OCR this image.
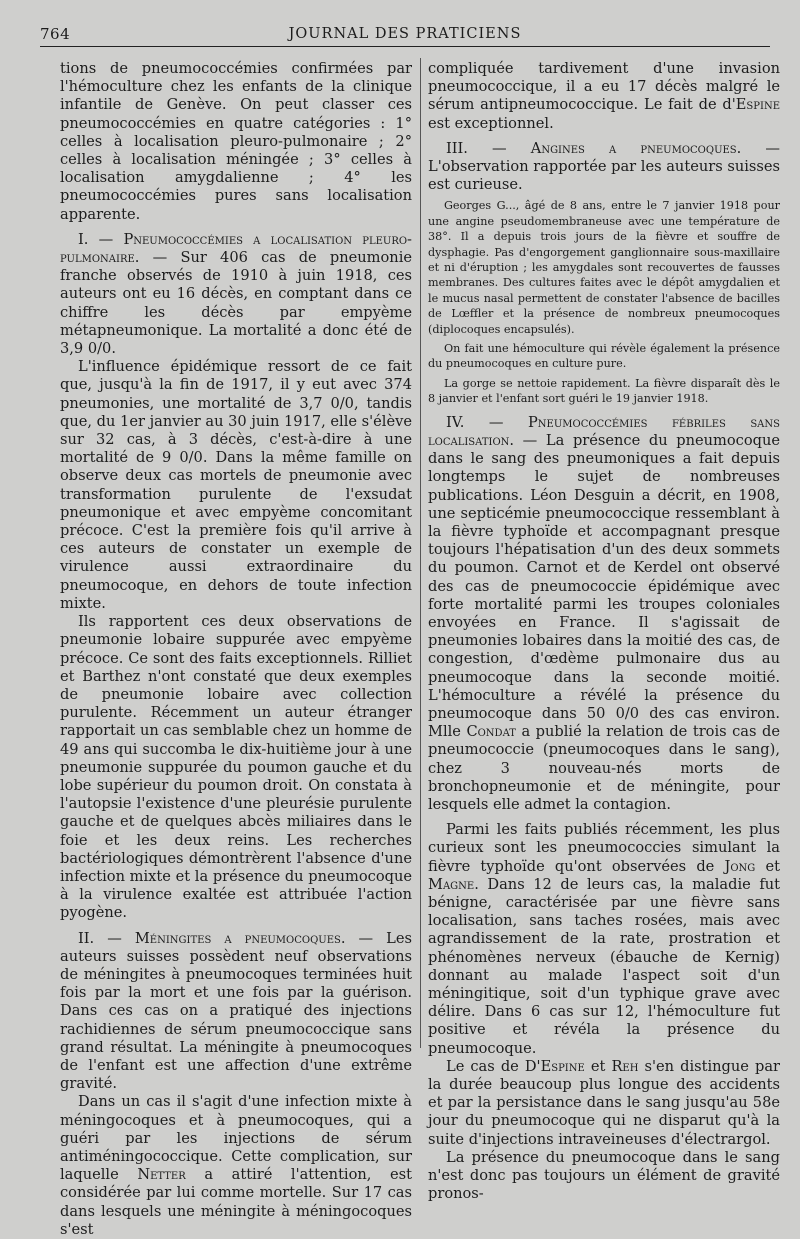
764	JOURNAL DES PRATICIENS

tions de pneumococcémies confirmées par l'hémoculture chez les enfants de la clinique infantile de Genève. On peut classer ces pneumococcémies en quatre catégories : 1° celles à localisation pleuro-pulmonaire ; 2° celles à localisation méningée ; 3° celles à localisation amygdalienne ; 4° les pneumococcémies pures sans localisation apparente.

I. — Pneumococcémies a localisation pleuro-pulmonaire. — Sur 406 cas de pneumonie franche observés de 1910 à juin 1918, ces auteurs ont eu 16 décès, en comptant dans ce chiffre les décès par empyème métapneumonique. La mortalité a donc été de 3,9 0/0.

L'influence épidémique ressort de ce fait que, jusqu'à la fin de 1917, il y eut avec 374 pneumonies, une mortalité de 3,7 0/0, tandis que, du 1er janvier au 30 juin 1917, elle s'élève sur 32 cas, à 3 décès, c'est-à-dire à une mortalité de 9 0/0. Dans la même famille on observe deux cas mortels de pneumonie avec transformation purulente de l'exsudat pneumonique et avec empyème concomitant précoce. C'est la première fois qu'il arrive à ces auteurs de constater un exemple de virulence aussi extraordinaire du pneumocoque, en dehors de toute infection mixte.

Ils rapportent ces deux observations de pneumonie lobaire suppurée avec empyème précoce. Ce sont des faits exceptionnels. Rilliet et Barthez n'ont constaté que deux exemples de pneumonie lobaire avec collection purulente. Récemment un auteur étranger rapportait un cas semblable chez un homme de 49 ans qui succomba le dix-huitième jour à une pneumonie suppurée du poumon gauche et du lobe supérieur du poumon droit. On constata à l'autopsie l'existence d'une pleurésie purulente gauche et de quelques abcès miliaires dans le foie et les deux reins. Les recherches bactériologiques démontrèrent l'absence d'une infection mixte et la présence du pneumocoque à la virulence exaltée est attribuée l'action pyogène.

II. — Méningites a pneumocoques. — Les auteurs suisses possèdent neuf observations de méningites à pneumocoques terminées huit fois par la mort et une fois par la guérison. Dans ces cas on a pratiqué des injections rachidiennes de sérum pneumococcique sans grand résultat. La méningite à pneumocoques de l'enfant est une affection d'une extrême gravité.

Dans un cas il s'agit d'une infection mixte à méningocoques et à pneumocoques, qui a guéri par les injections de sérum antiméningococcique. Cette complication, sur laquelle Netter a attiré l'attention, est considérée par lui comme mortelle. Sur 17 cas dans lesquels une méningite à méningocoques s'est

compliquée tardivement d'une invasion pneumococcique, il a eu 17 décès malgré le sérum antipneumococcique. Le fait de d'Espine est exceptionnel.

III. — Angines a pneumocoques. — L'observation rapportée par les auteurs suisses est curieuse.

Georges G..., âgé de 8 ans, entre le 7 janvier 1918 pour une angine pseudomembraneuse avec une température de 38°. Il a depuis trois jours de la fièvre et souffre de dysphagie. Pas d'engorgement ganglionnaire sous-maxillaire et ni d'éruption ; les amygdales sont recouvertes de fausses membranes. Des cultures faites avec le dépôt amygdalien et le mucus nasal permettent de constater l'absence de bacilles de Lœffler et la présence de nombreux pneumocoques (diplocoques encapsulés).

On fait une hémoculture qui révèle également la présence du pneumocoques en culture pure.

La gorge se nettoie rapidement. La fièvre disparaît dès le 8 janvier et l'enfant sort guéri le 19 janvier 1918.

IV. — Pneumococcémies fébriles sans localisation. — La présence du pneumocoque dans le sang des pneumoniques a fait depuis longtemps le sujet de nombreuses publications. Léon Desguin a décrit, en 1908, une septicémie pneumococcique ressemblant à la fièvre typhoïde et accompagnant presque toujours l'hépatisation d'un des deux sommets du poumon. Carnot et de Kerdel ont observé des cas de pneumococcie épidémique avec forte mortalité parmi les troupes coloniales envoyées en France. Il s'agissait de pneumonies lobaires dans la moitié des cas, de congestion, d'œdème pulmonaire dus au pneumocoque dans la seconde moitié. L'hémoculture a révélé la présence du pneumocoque dans 50 0/0 des cas environ. Mlle Condat a publié la relation de trois cas de pneumococcie (pneumocoques dans le sang), chez 3 nouveau-nés morts de bronchopneumonie et de méningite, pour lesquels elle admet la contagion.

Parmi les faits publiés récemment, les plus curieux sont les pneumococcies simulant la fièvre typhoïde qu'ont observées de Jong et Magne. Dans 12 de leurs cas, la maladie fut bénigne, caractérisée par une fièvre sans localisation, sans taches rosées, mais avec agrandissement de la rate, prostration et phénomènes nerveux (ébauche de Kernig) donnant au malade l'aspect soit d'un méningitique, soit d'un typhique grave avec délire. Dans 6 cas sur 12, l'hémoculture fut positive et révéla la présence du pneumocoque.

Le cas de D'Espine et Reh s'en distingue par la durée beaucoup plus longue des accidents et par la persistance dans le sang jusqu'au 58e jour du pneumocoque qui ne disparut qu'à la suite d'injections intraveineuses d'électrargol.

La présence du pneumocoque dans le sang n'est donc pas toujours un élément de gravité pronos-
